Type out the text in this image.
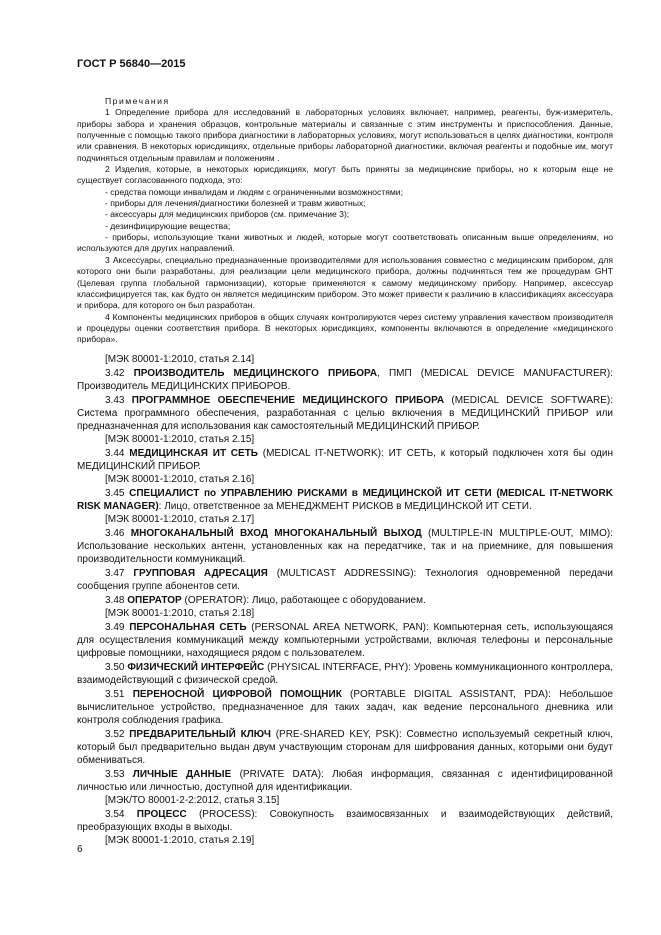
ГОСТ Р 56840—2015

Примечания

1 Определение прибора для исследований в лабораторных условиях включает, например, реагенты, буж-измеритель, приборы забора и хранения образцов, контрольные материалы и связанные с этим инструменты и приспособления. Данные, полученные с помощью такого прибора диагностики в лабораторных условиях, могут использоваться в целях диагностики, контроля или сравнения. В некоторых юрисдикциях, отдельные приборы лабораторной диагностики, включая реагенты и подобные им, могут подчиняться отдельным правилам и положениям .

2 Изделия, которые, в некоторых юрисдикциях, могут быть приняты за медицинские приборы, но к которым еще не существует согласованного подхода, это:

- средства помощи инвалидам и людям с ограниченными возможностями;

- приборы для лечения/диагностики болезней и травм животных;

- аксессуары для медицинских приборов (см. примечание 3);

- дезинфицирующие вещества;

- приборы, использующие ткани животных и людей, которые могут соответствовать описанным выше определениям, но используются для других направлений.

3 Аксессуары, специально предназначенные производителями для использования совместно с медицинским прибором, для которого они были разработаны, для реализации цели медицинского прибора, должны подчиняться тем же процедурам GHT (Целевая группа глобальной гармонизации), которые применяются к самому медицинскому прибору. Например, аксессуар классифицируется так, как будто он является медицинским прибором. Это может привести к различию в классификациях аксессуара и прибора, для которого он был разработан.

4 Компоненты медицинских приборов в общих случаях контролируются через систему управления качеством производителя и процедуры оценки соответствия прибора. В некоторых юрисдикциях, компоненты включаются в определение «медицинского прибора».

[МЭК 80001-1:2010, статья 2.14]

3.42 ПРОИЗВОДИТЕЛЬ МЕДИЦИНСКОГО ПРИБОРА, ПМП (MEDICAL DEVICE MANUFACTURER): Производитель МЕДИЦИНСКИХ ПРИБОРОВ.

3.43 ПРОГРАММНОЕ ОБЕСПЕЧЕНИЕ МЕДИЦИНСКОГО ПРИБОРА (MEDICAL DEVICE SOFTWARE): Система программного обеспечения, разработанная с целью включения в МЕДИЦИНСКИЙ ПРИБОР или предназначенная для использования как самостоятельный МЕДИЦИНСКИЙ ПРИБОР.

[МЭК 80001-1:2010, статья 2.15]

3.44 МЕДИЦИНСКАЯ ИТ СЕТЬ (MEDICAL IT-NETWORK): ИТ СЕТЬ, к который подключен хотя бы один МЕДИЦИНСКИЙ ПРИБОР.

[МЭК 80001-1:2010, статья 2.16]

3.45 СПЕЦИАЛИСТ по УПРАВЛЕНИЮ РИСКАМИ в МЕДИЦИНСКОЙ ИТ СЕТИ (MEDICAL IT-NETWORK RISK MANAGER): Лицо, ответственное за МЕНЕДЖМЕНТ РИСКОВ в МЕДИЦИНСКОЙ ИТ СЕТИ.

[МЭК 80001-1:2010, статья 2.17]

3.46 МНОГОКАНАЛЬНЫЙ ВХОД МНОГОКАНАЛЬНЫЙ ВЫХОД (MULTIPLE-IN MULTIPLE-OUT, MIMO): Использование нескольких антенн, установленных как на передатчике, так и на приемнике, для повышения производительности коммуникаций.

3.47 ГРУППОВАЯ АДРЕСАЦИЯ (MULTICAST ADDRESSING): Технология одновременной передачи сообщения группе абонентов сети.

3.48 ОПЕРАТОР (OPERATOR): Лицо, работающее с оборудованием.

[МЭК 80001-1:2010, статья 2.18]

3.49 ПЕРСОНАЛЬНАЯ СЕТЬ (PERSONAL AREA NETWORK, PAN): Компьютерная сеть, использующаяся для осуществления коммуникаций между компьютерными устройствами, включая телефоны и персональные цифровые помощники, находящиеся рядом с пользователем.

3.50 ФИЗИЧЕСКИЙ ИНТЕРФЕЙС (PHYSICAL INTERFACE, PHY): Уровень коммуникационного контроллера, взаимодействующий с физической средой.

3.51 ПЕРЕНОСНОЙ ЦИФРОВОЙ ПОМОЩНИК (PORTABLE DIGITAL ASSISTANT, PDA): Небольшое вычислительное устройство, предназначенное для таких задач, как ведение персонального дневника или контроля соблюдения графика.

3.52 ПРЕДВАРИТЕЛЬНЫЙ КЛЮЧ (PRE-SHARED KEY, PSK): Совместно используемый секретный ключ, который был предварительно выдан двум участвующим сторонам для шифрования данных, которыми они будут обмениваться.

3.53 ЛИЧНЫЕ ДАННЫЕ (PRIVATE DATA): Любая информация, связанная с идентифицированной личностью или личностью, доступной для идентификации.

[МЭК/ТО 80001-2-2:2012, статья 3.15]

3.54 ПРОЦЕСС (PROCESS): Совокупность взаимосвязанных и взаимодействующих действий, преобразующих входы в выходы.

[МЭК 80001-1:2010, статья 2.19]

6
